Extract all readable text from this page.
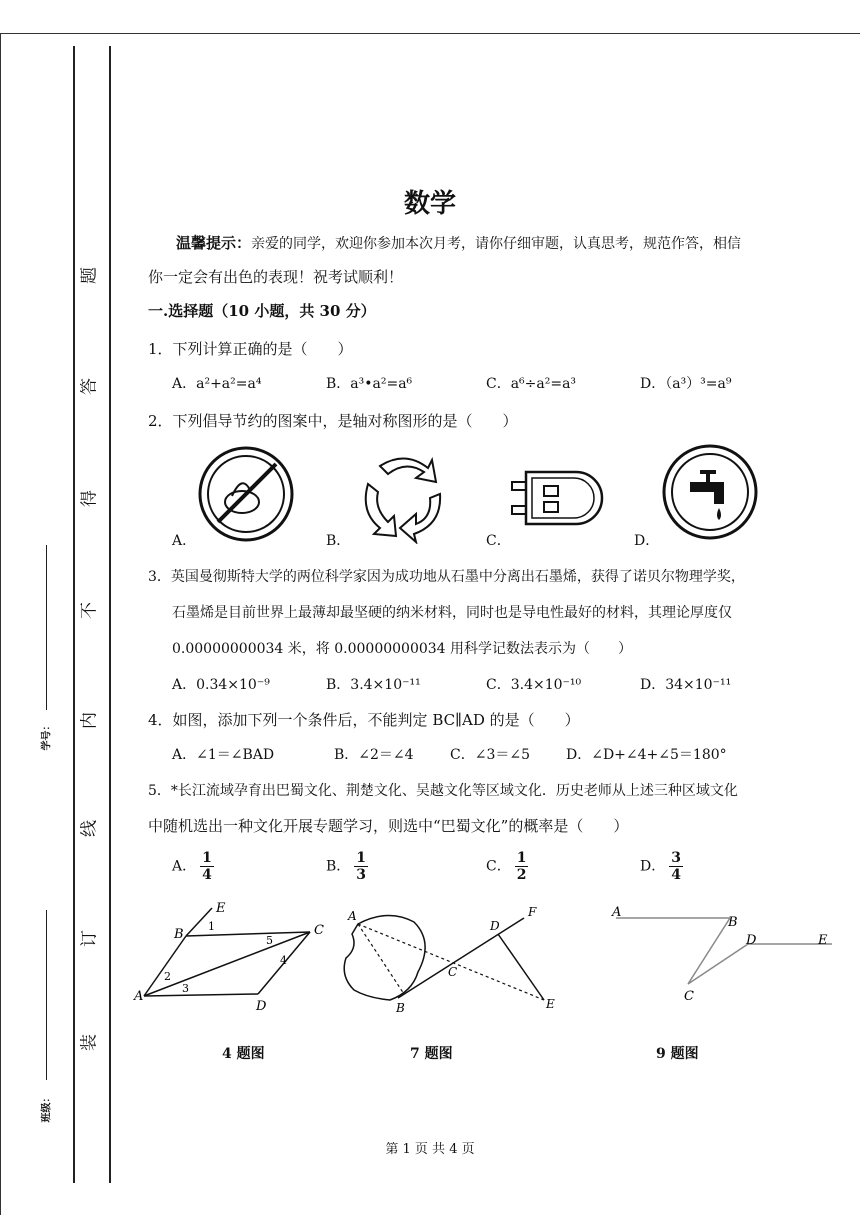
题
答
得
不
内
线
订
装
班级：
学号：
数学
温馨提示：亲爱的同学，欢迎你参加本次月考，请你仔细审题，认真思考，规范作答，相信
你一定会有出色的表现！祝考试顺利！
一.选择题（10 小题，共 30 分）
1．下列计算正确的是（　　）
A．a²+a²=a⁴	B．a³•a²=a⁶	C．a⁶÷a²=a³	D．（a³）³=a⁹
2．下列倡导节约的图案中，是轴对称图形的是（　　）
A．	B．	C．	D．
3．英国曼彻斯特大学的两位科学家因为成功地从石墨中分离出石墨烯，获得了诺贝尔物理学奖，
石墨烯是目前世界上最薄却最坚硬的纳米材料，同时也是导电性最好的材料，其理论厚度仅
0.00000000034 米，将 0.00000000034 用科学记数法表示为（　　）
A．0.34×10⁻⁹	B．3.4×10⁻¹¹	C．3.4×10⁻¹⁰	D．34×10⁻¹¹
4．如图，添加下列一个条件后，不能判定 BC∥AD 的是（　　）
A．∠1＝∠BAD	B．∠2＝∠4	C．∠3＝∠5	D．∠D+∠4+∠5＝180°
5．*长江流域孕育出巴蜀文化、荆楚文化、吴越文化等区域文化．历史老师从上述三种区域文化
中随机选出一种文化开展专题学习，则选中“巴蜀文化”的概率是（　　）
A． $\frac{1}{4}$	B． $\frac{1}{3}$	C． $\frac{1}{2}$	D． $\frac{3}{4}$
E
B
1
5
C
4
2
A
3
D
A
D
F
C
B	E
A
B
D	E
C
4 题图	7 题图	9 题图
第 1 页 共 4 页
